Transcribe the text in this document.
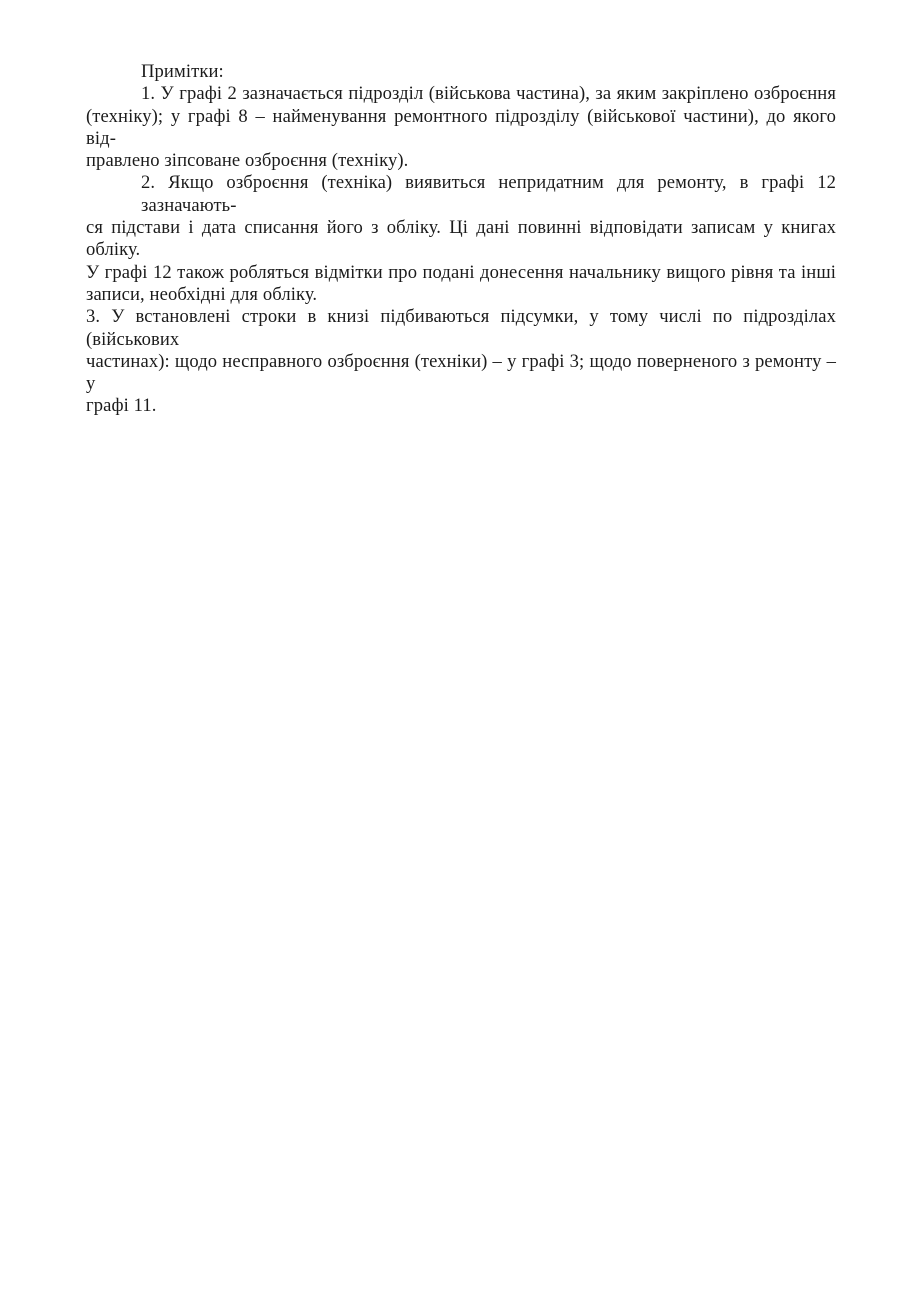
Примітки:
1. У графі 2 зазначається підрозділ (військова частина), за яким закріплено озброєння
(техніку); у графі 8 – найменування ремонтного підрозділу (військової частини), до якого від-
правлено зіпсоване озброєння (техніку).
2. Якщо озброєння (техніка) виявиться непридатним для ремонту, в графі 12 зазначають-
ся підстави і дата списання його з обліку. Ці дані повинні відповідати записам у книгах обліку.
У графі 12 також робляться відмітки про подані донесення начальнику вищого рівня та інші
записи, необхідні для обліку.
3. У встановлені строки в книзі підбиваються підсумки, у тому числі по підрозділах (військових
частинах): щодо несправного озброєння (техніки) – у графі 3; щодо поверненого з ремонту – у
графі 11.
